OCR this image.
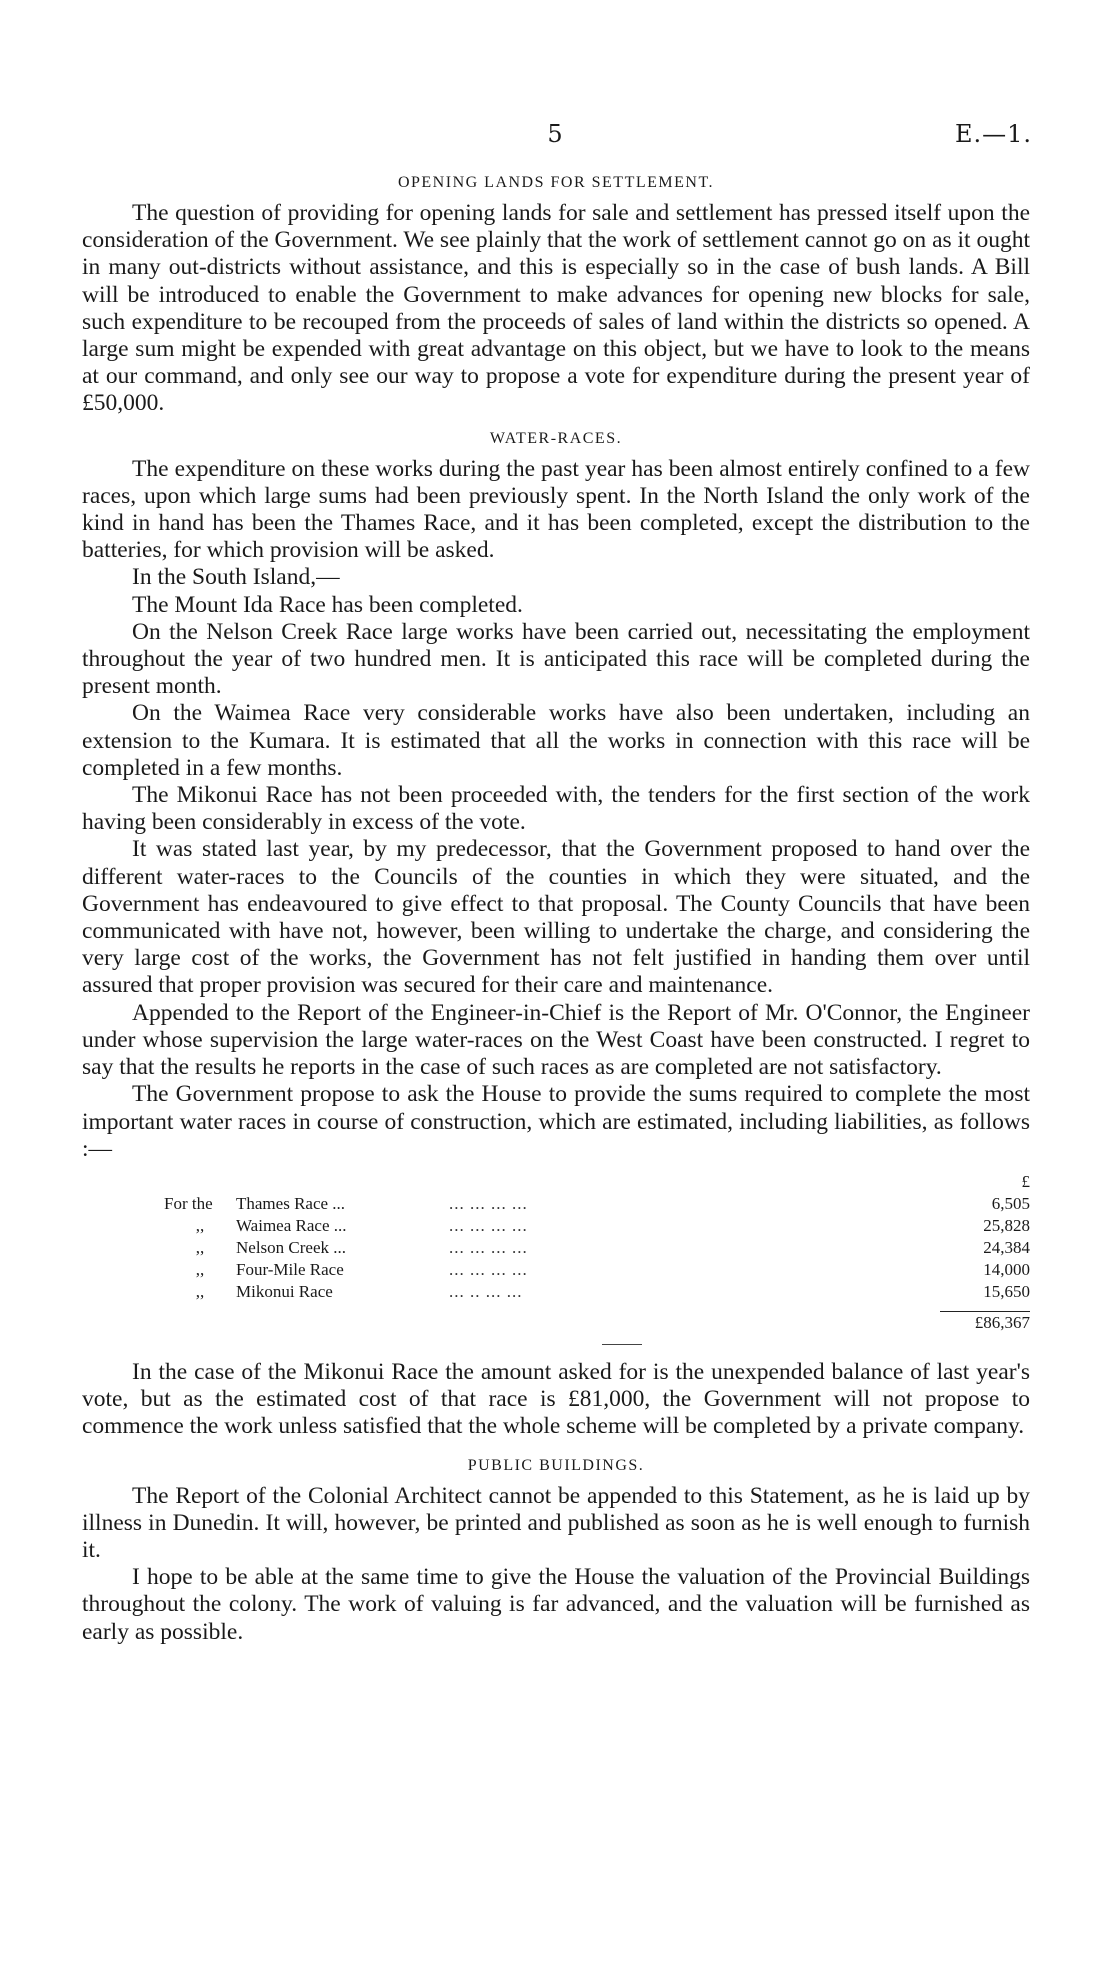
5	E.—1.
OPENING LANDS FOR SETTLEMENT.

The question of providing for opening lands for sale and settlement has pressed itself upon the consideration of the Government. We see plainly that the work of settlement cannot go on as it ought in many out-districts without assistance, and this is especially so in the case of bush lands. A Bill will be introduced to enable the Government to make advances for opening new blocks for sale, such expenditure to be recouped from the proceeds of sales of land within the districts so opened. A large sum might be expended with great advantage on this object, but we have to look to the means at our command, and only see our way to propose a vote for expenditure during the present year of £50,000.

WATER-RACES.

The expenditure on these works during the past year has been almost entirely confined to a few races, upon which large sums had been previously spent. In the North Island the only work of the kind in hand has been the Thames Race, and it has been completed, except the distribution to the batteries, for which provision will be asked.

In the South Island,—

The Mount Ida Race has been completed.

On the Nelson Creek Race large works have been carried out, necessitating the employment throughout the year of two hundred men. It is anticipated this race will be completed during the present month.

On the Waimea Race very considerable works have also been undertaken, including an extension to the Kumara. It is estimated that all the works in connection with this race will be completed in a few months.

The Mikonui Race has not been proceeded with, the tenders for the first section of the work having been considerably in excess of the vote.

It was stated last year, by my predecessor, that the Government proposed to hand over the different water-races to the Councils of the counties in which they were situated, and the Government has endeavoured to give effect to that proposal. The County Councils that have been communicated with have not, however, been willing to undertake the charge, and considering the very large cost of the works, the Government has not felt justified in handing them over until assured that proper provision was secured for their care and maintenance.

Appended to the Report of the Engineer-in-Chief is the Report of Mr. O'Connor, the Engineer under whose supervision the large water-races on the West Coast have been constructed. I regret to say that the results he reports in the case of such races as are completed are not satisfactory.

The Government propose to ask the House to provide the sums required to complete the most important water races in course of construction, which are estimated, including liabilities, as follows :—

		£
For the Thames Race ...	... ... ... ...	6,505
,, Waimea Race ...	... ... ... ...	25,828
,, Nelson Creek ...	... ... ... ...	24,384
,, Four-Mile Race	... ... ... ...	14,000
,, Mikonui Race	... .. ... ...	15,650

£86,367

In the case of the Mikonui Race the amount asked for is the unexpended balance of last year's vote, but as the estimated cost of that race is £81,000, the Government will not propose to commence the work unless satisfied that the whole scheme will be completed by a private company.

PUBLIC BUILDINGS.

The Report of the Colonial Architect cannot be appended to this Statement, as he is laid up by illness in Dunedin. It will, however, be printed and published as soon as he is well enough to furnish it.

I hope to be able at the same time to give the House the valuation of the Provincial Buildings throughout the colony. The work of valuing is far advanced, and the valuation will be furnished as early as possible.
